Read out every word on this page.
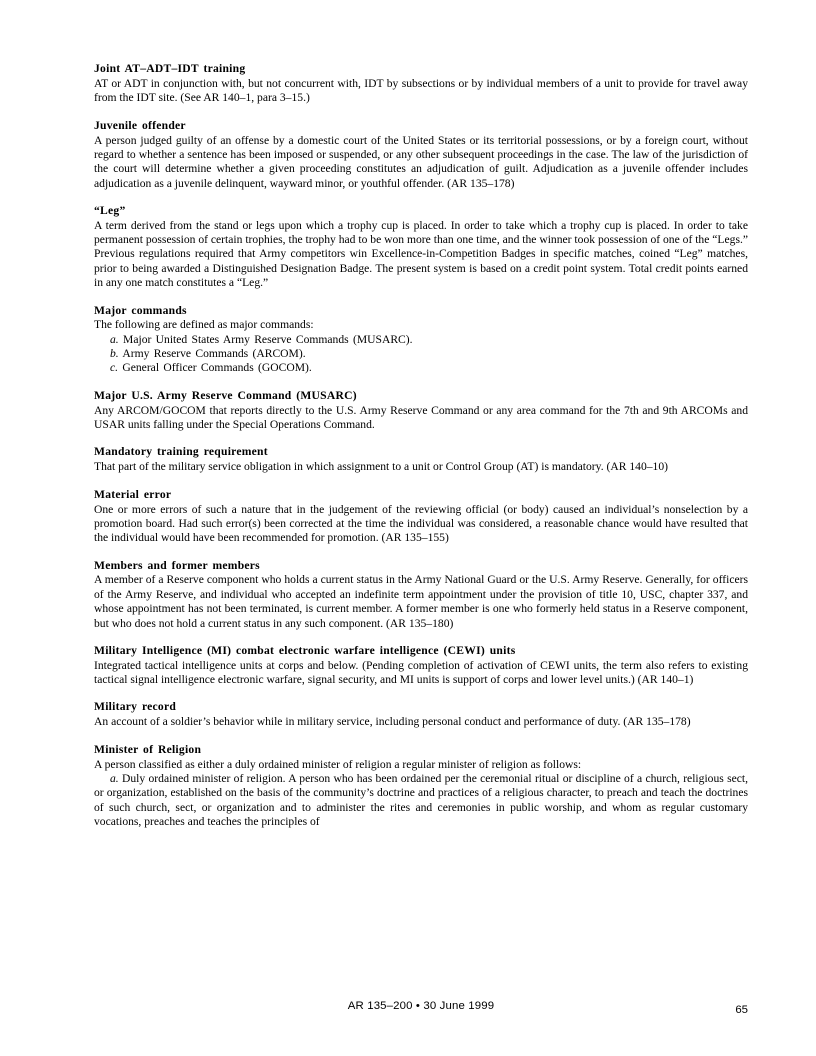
Joint AT–ADT–IDT training

AT or ADT in conjunction with, but not concurrent with, IDT by subsections or by individual members of a unit to provide for travel away from the IDT site. (See AR 140–1, para 3–15.)

Juvenile offender

A person judged guilty of an offense by a domestic court of the United States or its territorial possessions, or by a foreign court, without regard to whether a sentence has been imposed or suspended, or any other subsequent proceedings in the case. The law of the jurisdiction of the court will determine whether a given proceeding constitutes an adjudication of guilt. Adjudication as a juvenile offender includes adjudication as a juvenile delinquent, wayward minor, or youthful offender. (AR 135–178)

“Leg”

A term derived from the stand or legs upon which a trophy cup is placed. In order to take which a trophy cup is placed. In order to take permanent possession of certain trophies, the trophy had to be won more than one time, and the winner took possession of one of the “Legs.” Previous regulations required that Army competitors win Excellence-in-Competition Badges in specific matches, coined “Leg” matches, prior to being awarded a Distinguished Designation Badge. The present system is based on a credit point system. Total credit points earned in any one match constitutes a “Leg.”

Major commands

The following are defined as major commands:

a. Major United States Army Reserve Commands (MUSARC).
b. Army Reserve Commands (ARCOM).
c. General Officer Commands (GOCOM).
Major U.S. Army Reserve Command (MUSARC)

Any ARCOM/GOCOM that reports directly to the U.S. Army Reserve Command or any area command for the 7th and 9th ARCOMs and USAR units falling under the Special Operations Command.

Mandatory training requirement

That part of the military service obligation in which assignment to a unit or Control Group (AT) is mandatory. (AR 140–10)

Material error

One or more errors of such a nature that in the judgement of the reviewing official (or body) caused an individual’s nonselection by a promotion board. Had such error(s) been corrected at the time the individual was considered, a reasonable chance would have resulted that the individual would have been recommended for promotion. (AR 135–155)

Members and former members

A member of a Reserve component who holds a current status in the Army National Guard or the U.S. Army Reserve. Generally, for officers of the Army Reserve, and individual who accepted an indefinite term appointment under the provision of title 10, USC, chapter 337, and whose appointment has not been terminated, is current member. A former member is one who formerly held status in a Reserve component, but who does not hold a current status in any such component. (AR 135–180)

Military Intelligence (MI) combat electronic warfare intelligence (CEWI) units

Integrated tactical intelligence units at corps and below. (Pending completion of activation of CEWI units, the term also refers to existing tactical signal intelligence electronic warfare, signal security, and MI units is support of corps and lower level units.) (AR 140–1)

Military record

An account of a soldier’s behavior while in military service, including personal conduct and performance of duty. (AR 135–178)

Minister of Religion

A person classified as either a duly ordained minister of religion a regular minister of religion as follows:

a. Duly ordained minister of religion. A person who has been ordained per the ceremonial ritual or discipline of a church, religious sect, or organization, established on the basis of the community’s doctrine and practices of a religious character, to preach and teach the doctrines of such church, sect, or organization and to administer the rites and ceremonies in public worship, and whom as regular customary vocations, preaches and teaches the principles of

AR 135–200 • 30 June 1999	65
